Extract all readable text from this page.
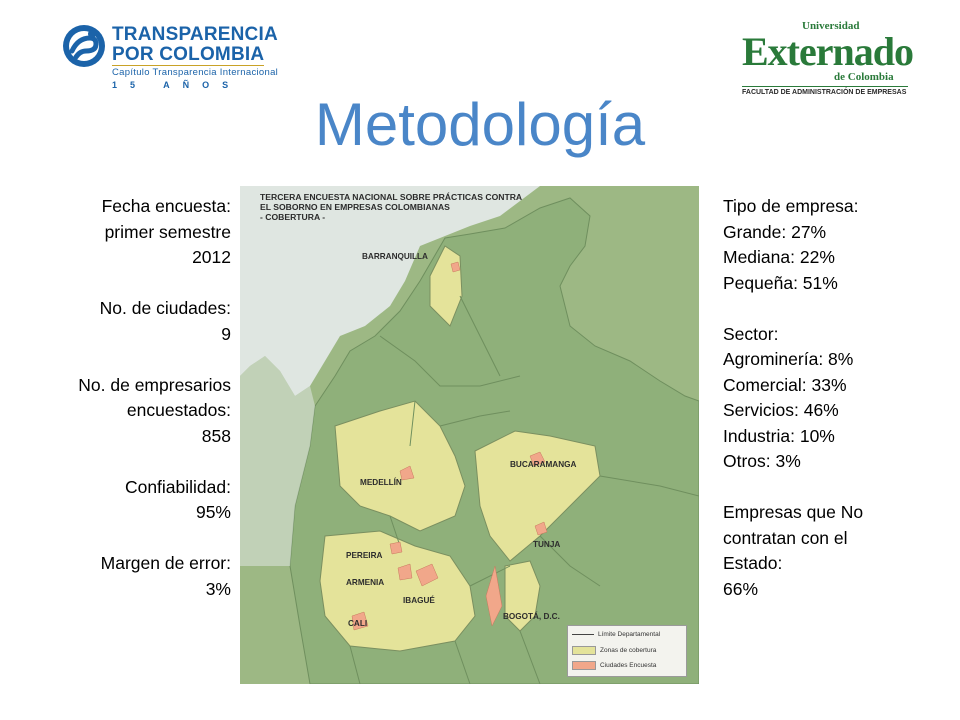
TRANSPARENCIA
POR COLOMBIA
Capítulo Transparencia Internacional
15 AÑOS
Universidad
Externado
de Colombia
FACULTAD DE ADMINISTRACIÓN DE EMPRESAS
Metodología
Fecha encuesta:
primer semestre
2012
No. de ciudades:
9
No. de empresarios
encuestados:
858
Confiabilidad:
95%
Margen de error:
3%
Tipo de empresa:
Grande: 27%
Mediana: 22%
Pequeña: 51%
Sector:
Agrominería: 8%
Comercial: 33%
Servicios: 46%
Industria: 10%
Otros: 3%
Empresas que No
contratan con el
Estado:
66%
TERCERA ENCUESTA NACIONAL SOBRE PRÁCTICAS CONTRA
EL SOBORNO EN EMPRESAS COLOMBIANAS
- COBERTURA -
BARRANQUILLA
BUCARAMANGA
MEDELLÍN
PEREIRA
ARMENIA
TUNJA
IBAGUÉ
BOGOTÁ, D.C.
CALI
Límite Departamental
Zonas de cobertura
Ciudades Encuesta
